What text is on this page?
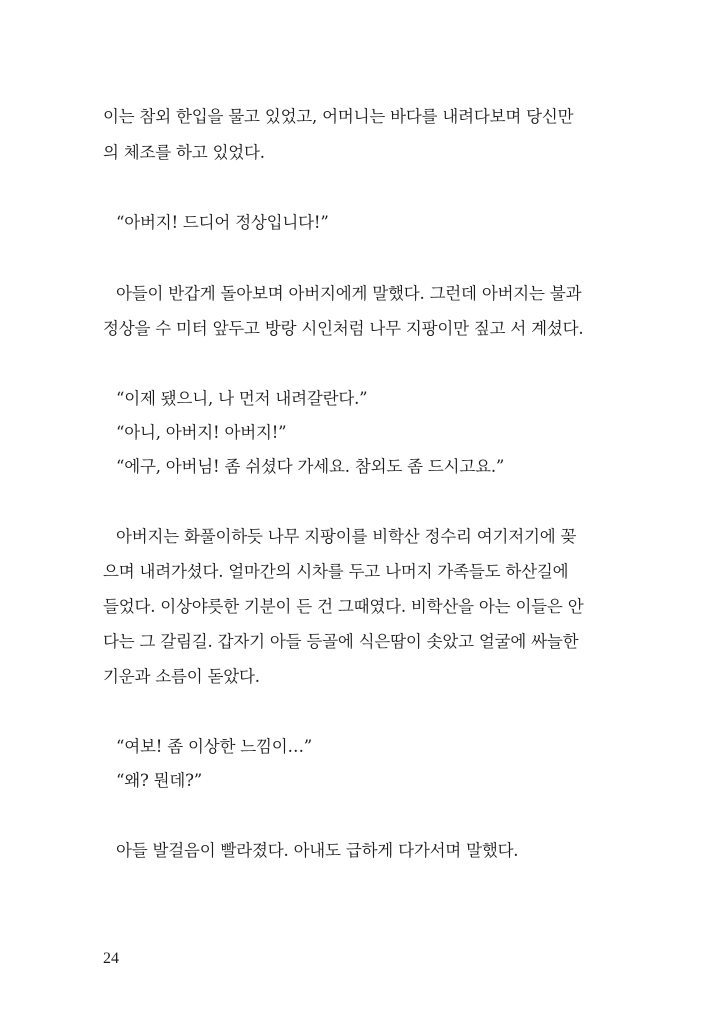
이는 참외 한입을 물고 있었고, 어머니는 바다를 내려다보며 당신만
의 체조를 하고 있었다.
“아버지! 드디어 정상입니다!”
아들이 반갑게 돌아보며 아버지에게 말했다. 그런데 아버지는 불과
정상을 수 미터 앞두고 방랑 시인처럼 나무 지팡이만 짚고 서 계셨다.
“이제 됐으니, 나 먼저 내려갈란다.”
“아니, 아버지! 아버지!”
“에구, 아버님! 좀 쉬셨다 가세요. 참외도 좀 드시고요.”
아버지는 화풀이하듯 나무 지팡이를 비학산 정수리 여기저기에 꽂
으며 내려가셨다. 얼마간의 시차를 두고 나머지 가족들도 하산길에
들었다. 이상야릇한 기분이 든 건 그때였다. 비학산을 아는 이들은 안
다는 그 갈림길. 갑자기 아들 등골에 식은땀이 솟았고 얼굴에 싸늘한
기운과 소름이 돋았다.
“여보! 좀 이상한 느낌이…”
“왜? 뭔데?”
아들 발걸음이 빨라졌다. 아내도 급하게 다가서며 말했다.
24
